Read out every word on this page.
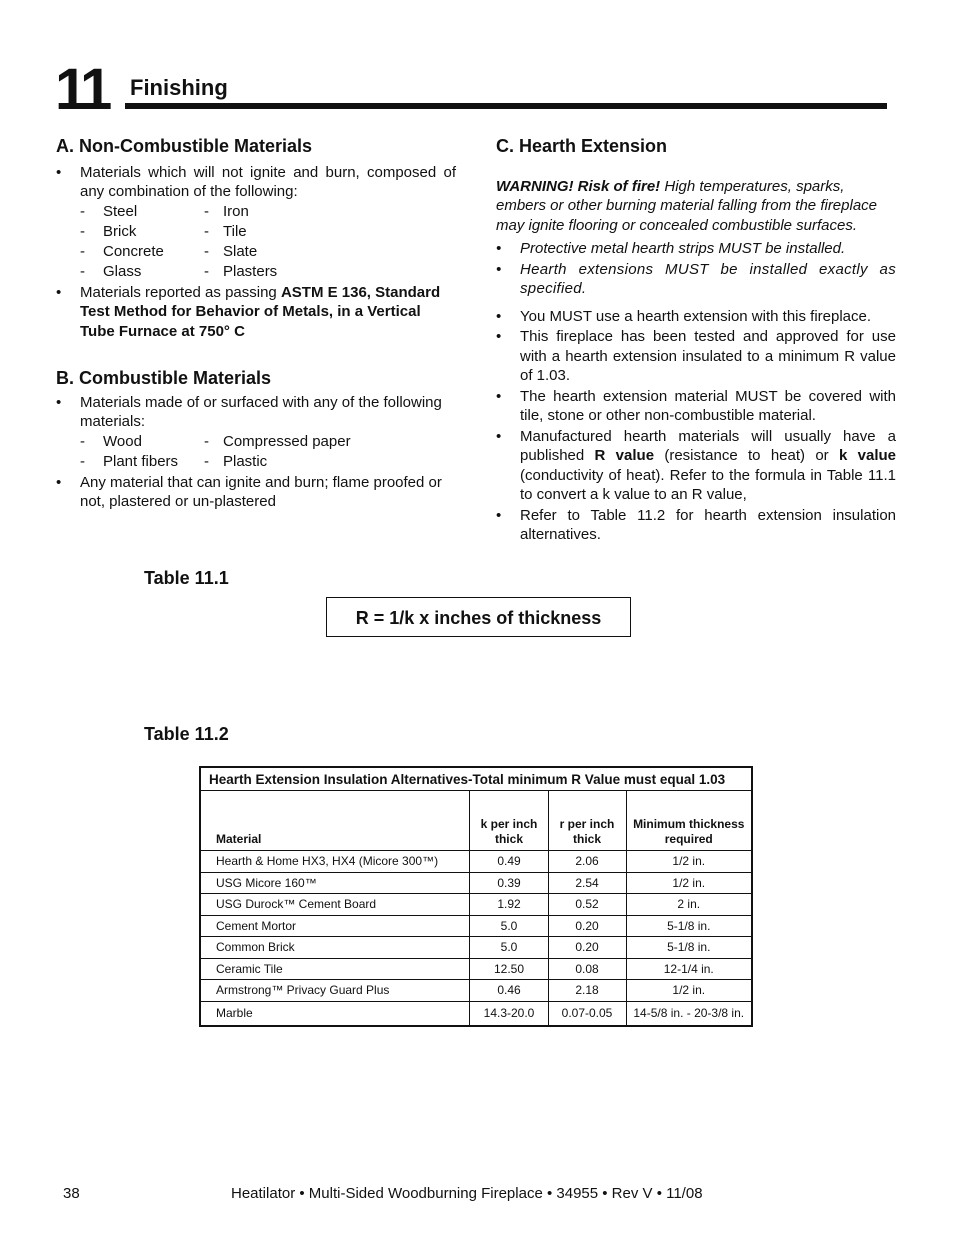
11 Finishing
A. Non-Combustible Materials

• Materials which will not ignite and burn, composed of any combination of the following:

- Steel	- Iron
- Brick	- Tile
- Concrete	- Slate
- Glass	- Plasters

• Materials reported as passing ASTM E 136, Standard Test Method for Behavior of Metals, in a Vertical Tube Furnace at 750° C

B. Combustible Materials

• Materials made of or surfaced with any of the following materials:

- Wood	- Compressed paper
- Plant fibers - Plastic

• Any material that can ignite and burn; flame proofed or not, plastered or un-plastered

C. Hearth Extension

WARNING! Risk of fire! High temperatures, sparks, embers or other burning material falling from the fireplace may ignite flooring or concealed combustible surfaces.

• Protective metal hearth strips MUST be installed.

• Hearth extensions MUST be installed exactly as specified.

• You MUST use a hearth extension with this fireplace.

• This fireplace has been tested and approved for use with a hearth extension insulated to a minimum R value of 1.03.

• The hearth extension material MUST be covered with tile, stone or other non-combustible material.

• Manufactured hearth materials will usually have a published R value (resistance to heat) or k value (conductivity of heat). Refer to the formula in Table 11.1 to convert a k value to an R value,

• Refer to Table 11.2 for hearth extension insulation alternatives.

Table 11.1
R = 1/k x inches of thickness
Table 11.2
Hearth Extension Insulation Alternatives-Total minimum R Value must equal 1.03			
Material	k per inch thick	r per inch thick	Minimum thickness required
Hearth & Home HX3, HX4 (Micore 300™)	0.49	2.06	1/2 in.
USG Micore 160™	0.39	2.54	1/2 in.
USG Durock™ Cement Board	1.92	0.52	2 in.
Cement Mortor	5.0	0.20	5-1/8 in.
Common Brick	5.0	0.20	5-1/8 in.
Ceramic Tile	12.50	0.08	12-1/4 in.
Armstrong™ Privacy Guard Plus	0.46	2.18	1/2 in.
Marble	14.3-20.0	0.07-0.05	14-5/8 in. - 20-3/8 in.
38	Heatilator • Multi-Sided Woodburning Fireplace • 34955 • Rev V • 11/08
